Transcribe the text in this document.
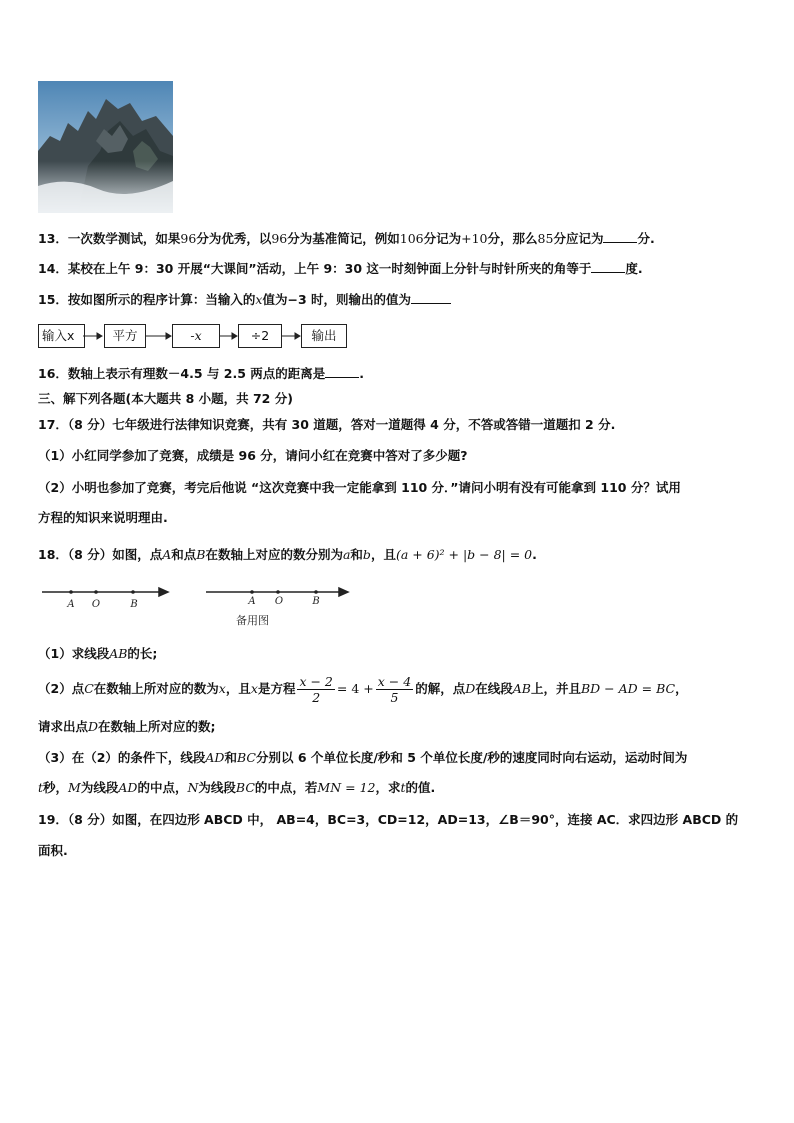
13．一次数学测试，如果96分为优秀，以96分为基准简记，例如106分记为+10分，那么85分应记为	分.
14．某校在上午 9：30 开展“大课间”活动，上午 9：30 这一时刻钟面上分针与时针所夹的角等于	度.
15．按如图所示的程序计算：当输入的x值为−3 时，则输出的值为
输入x	平方	-x	÷2	输出
16．数轴上表示有理数－4.5 与 2.5 两点的距离是	.
三、解下列各题(本大题共 8 小题，共 72 分)
17．（8 分）七年级进行法律知识竞赛，共有 30 道题，答对一道题得 4 分，不答或答错一道题扣 2 分.
（1）小红同学参加了竞赛，成绩是 96 分，请问小红在竞赛中答对了多少题?
（2）小明也参加了竞赛，考完后他说 “这次竞赛中我一定能拿到 110 分．”请问小明有没有可能拿到 110 分？试用
方程的知识来说明理由.
18．（8 分）如图，点A和点B在数轴上对应的数分别为a和b，且(a + 6)² + |b − 8| = 0.
A O	B	A O	B
备用图
（1）求线段AB的长;
（2）点C在数轴上所对应的数为x，且x是方程 $\frac{x - 2}{2} = 4 + \frac{x - 4}{5}$ 的解，点D在线段AB上，并且BD − AD = BC，
请求出点D在数轴上所对应的数;
（3）在（2）的条件下，线段AD和BC分别以 6 个单位长度/秒和 5 个单位长度/秒的速度同时向右运动，运动时间为
t秒，M为线段AD的中点，N为线段BC的中点，若MN = 12，求t的值.
19．（8 分）如图，在四边形 ABCD 中， AB=4，BC=3，CD=12，AD=13，∠B＝90°，连接 AC．求四边形 ABCD 的
面积.
